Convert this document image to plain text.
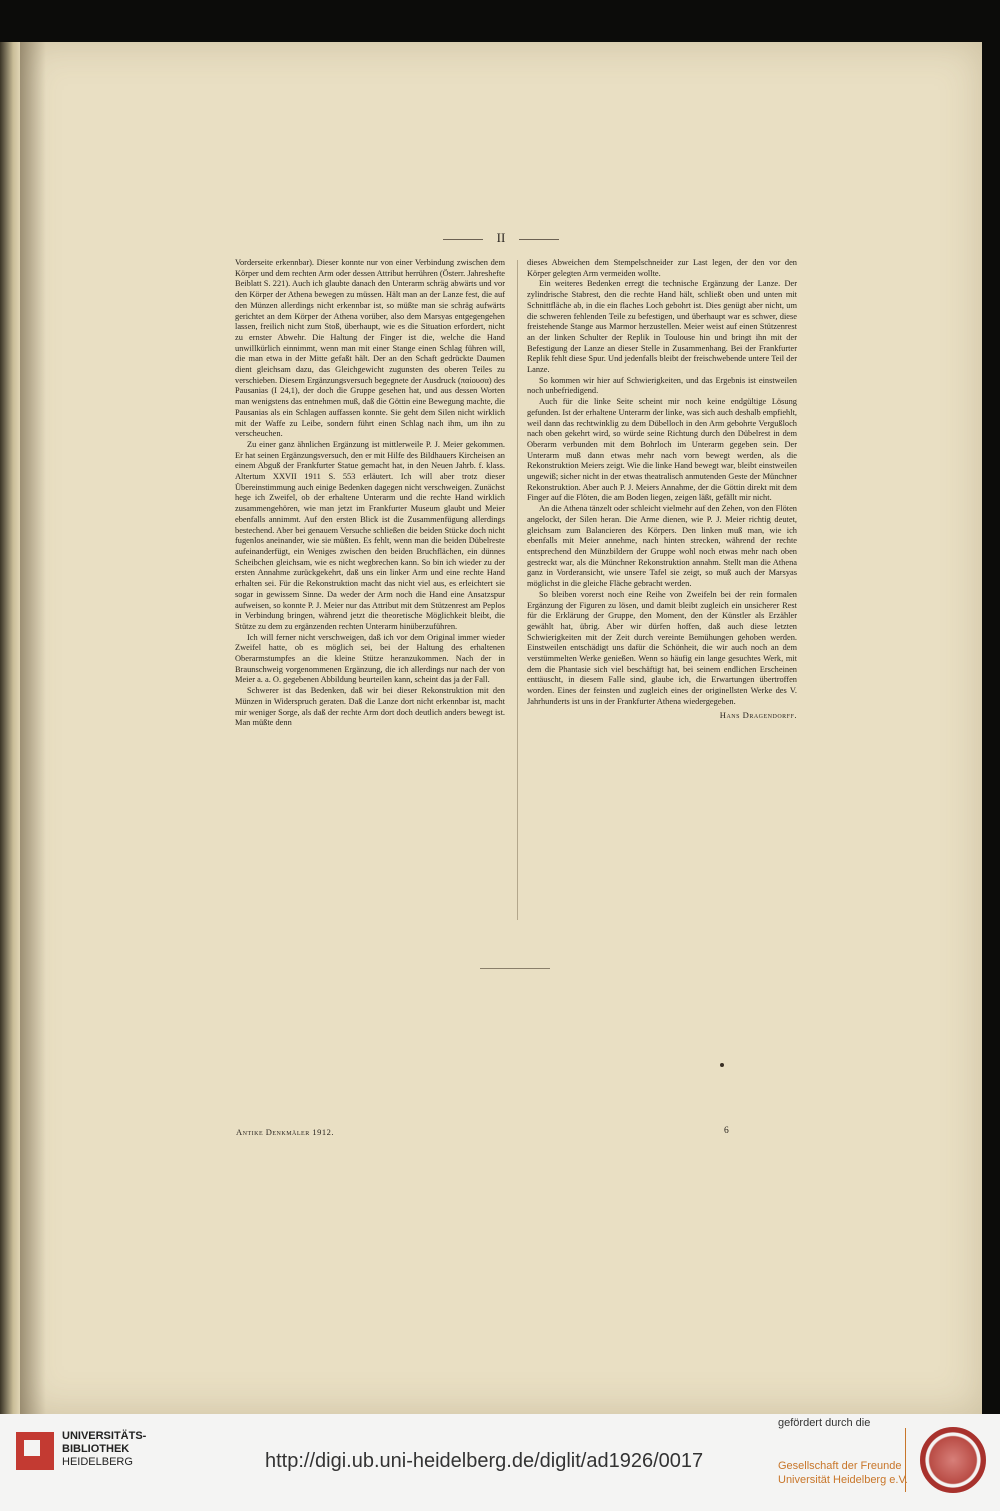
II

Vorderseite erkennbar). Dieser konnte nur von einer Verbindung zwischen dem Körper und dem rechten Arm oder dessen Attribut herrühren (Österr. Jahreshefte Beiblatt S. 221). Auch ich glaubte danach den Unterarm schräg abwärts und vor den Körper der Athena bewegen zu müssen. Hält man an der Lanze fest, die auf den Münzen allerdings nicht erkennbar ist, so müßte man sie schräg aufwärts gerichtet an dem Körper der Athena vorüber, also dem Marsyas entgegengehen lassen, freilich nicht zum Stoß, überhaupt, wie es die Situation erfordert, nicht zu ernster Abwehr. Die Haltung der Finger ist die, welche die Hand unwillkürlich einnimmt, wenn man mit einer Stange einen Schlag führen will, die man etwa in der Mitte gefaßt hält. Der an den Schaft gedrückte Daumen dient gleichsam dazu, das Gleichgewicht zugunsten des oberen Teiles zu verschieben. Diesem Ergänzungsversuch begegnete der Ausdruck (παίουσα) des Pausanias (I 24,1), der doch die Gruppe gesehen hat, und aus dessen Worten man wenigstens das entnehmen muß, daß die Göttin eine Bewegung machte, die Pausanias als ein Schlagen auffassen konnte. Sie geht dem Silen nicht wirklich mit der Waffe zu Leibe, sondern führt einen Schlag nach ihm, um ihn zu verscheuchen.

Zu einer ganz ähnlichen Ergänzung ist mittlerweile P. J. Meier gekommen. Er hat seinen Ergänzungsversuch, den er mit Hilfe des Bildhauers Kircheisen an einem Abguß der Frankfurter Statue gemacht hat, in den Neuen Jahrb. f. klass. Altertum XXVII 1911 S. 553 erläutert. Ich will aber trotz dieser Übereinstimmung auch einige Bedenken dagegen nicht verschweigen. Zunächst hege ich Zweifel, ob der erhaltene Unterarm und die rechte Hand wirklich zusammengehören, wie man jetzt im Frankfurter Museum glaubt und Meier ebenfalls annimmt. Auf den ersten Blick ist die Zusammenfügung allerdings bestechend. Aber bei genauem Versuche schließen die beiden Stücke doch nicht fugenlos aneinander, wie sie müßten. Es fehlt, wenn man die beiden Dübelreste aufeinanderfügt, ein Weniges zwischen den beiden Bruchflächen, ein dünnes Scheibchen gleichsam, wie es nicht wegbrechen kann. So bin ich wieder zu der ersten Annahme zurückgekehrt, daß uns ein linker Arm und eine rechte Hand erhalten sei. Für die Rekonstruktion macht das nicht viel aus, es erleichtert sie sogar in gewissem Sinne. Da weder der Arm noch die Hand eine Ansatzspur aufweisen, so konnte P. J. Meier nur das Attribut mit dem Stützenrest am Peplos in Verbindung bringen, während jetzt die theoretische Möglichkeit bleibt, die Stütze zu dem zu ergänzenden rechten Unterarm hinüberzuführen.

Ich will ferner nicht verschweigen, daß ich vor dem Original immer wieder Zweifel hatte, ob es möglich sei, bei der Haltung des erhaltenen Oberarmstumpfes an die kleine Stütze heranzukommen. Nach der in Braunschweig vorgenommenen Ergänzung, die ich allerdings nur nach der von Meier a. a. O. gegebenen Abbildung beurteilen kann, scheint das ja der Fall.

Schwerer ist das Bedenken, daß wir bei dieser Rekonstruktion mit den Münzen in Widerspruch geraten. Daß die Lanze dort nicht erkennbar ist, macht mir weniger Sorge, als daß der rechte Arm dort doch deutlich anders bewegt ist. Man müßte denn

dieses Abweichen dem Stempelschneider zur Last legen, der den vor den Körper gelegten Arm vermeiden wollte.

Ein weiteres Bedenken erregt die technische Ergänzung der Lanze. Der zylindrische Stabrest, den die rechte Hand hält, schließt oben und unten mit Schnittfläche ab, in die ein flaches Loch gebohrt ist. Dies genügt aber nicht, um die schweren fehlenden Teile zu befestigen, und überhaupt war es schwer, diese freistehende Stange aus Marmor herzustellen. Meier weist auf einen Stützenrest an der linken Schulter der Replik in Toulouse hin und bringt ihn mit der Befestigung der Lanze an dieser Stelle in Zusammenhang. Bei der Frankfurter Replik fehlt diese Spur. Und jedenfalls bleibt der freischwebende untere Teil der Lanze.

So kommen wir hier auf Schwierigkeiten, und das Ergebnis ist einstweilen noch unbefriedigend.

Auch für die linke Seite scheint mir noch keine endgültige Lösung gefunden. Ist der erhaltene Unterarm der linke, was sich auch deshalb empfiehlt, weil dann das rechtwinklig zu dem Dübelloch in den Arm gebohrte Vergußloch nach oben gekehrt wird, so würde seine Richtung durch den Dübelrest in dem Oberarm verbunden mit dem Bohrloch im Unterarm gegeben sein. Der Unterarm muß dann etwas mehr nach vorn bewegt werden, als die Rekonstruktion Meiers zeigt. Wie die linke Hand bewegt war, bleibt einstweilen ungewiß; sicher nicht in der etwas theatralisch anmutenden Geste der Münchner Rekonstruktion. Aber auch P. J. Meiers Annahme, der die Göttin direkt mit dem Finger auf die Flöten, die am Boden liegen, zeigen läßt, gefällt mir nicht.

An die Athena tänzelt oder schleicht vielmehr auf den Zehen, von den Flöten angelockt, der Silen heran. Die Arme dienen, wie P. J. Meier richtig deutet, gleichsam zum Balancieren des Körpers. Den linken muß man, wie ich ebenfalls mit Meier annehme, nach hinten strecken, während der rechte entsprechend den Münzbildern der Gruppe wohl noch etwas mehr nach oben gestreckt war, als die Münchner Rekonstruktion annahm. Stellt man die Athena ganz in Vorderansicht, wie unsere Tafel sie zeigt, so muß auch der Marsyas möglichst in die gleiche Fläche gebracht werden.

So bleiben vorerst noch eine Reihe von Zweifeln bei der rein formalen Ergänzung der Figuren zu lösen, und damit bleibt zugleich ein unsicherer Rest für die Erklärung der Gruppe, den Moment, den der Künstler als Erzähler gewählt hat, übrig. Aber wir dürfen hoffen, daß auch diese letzten Schwierigkeiten mit der Zeit durch vereinte Bemühungen gehoben werden. Einstweilen entschädigt uns dafür die Schönheit, die wir auch noch an dem verstümmelten Werke genießen. Wenn so häufig ein lange gesuchtes Werk, mit dem die Phantasie sich viel beschäftigt hat, bei seinem endlichen Erscheinen enttäuscht, in diesem Falle sind, glaube ich, die Erwartungen übertroffen worden. Eines der feinsten und zugleich eines der originellsten Werke des V. Jahrhunderts ist uns in der Frankfurter Athena wiedergegeben.

Hans Dragendorff.
Antike Denkmäler 1912.	6
UNIVERSITÄTS-
BIBLIOTHEK
HEIDELBERG	http://digi.ub.uni-heidelberg.de/diglit/ad1926/0017
gefördert durch die
Gesellschaft der Freunde
Universität Heidelberg e.V.
